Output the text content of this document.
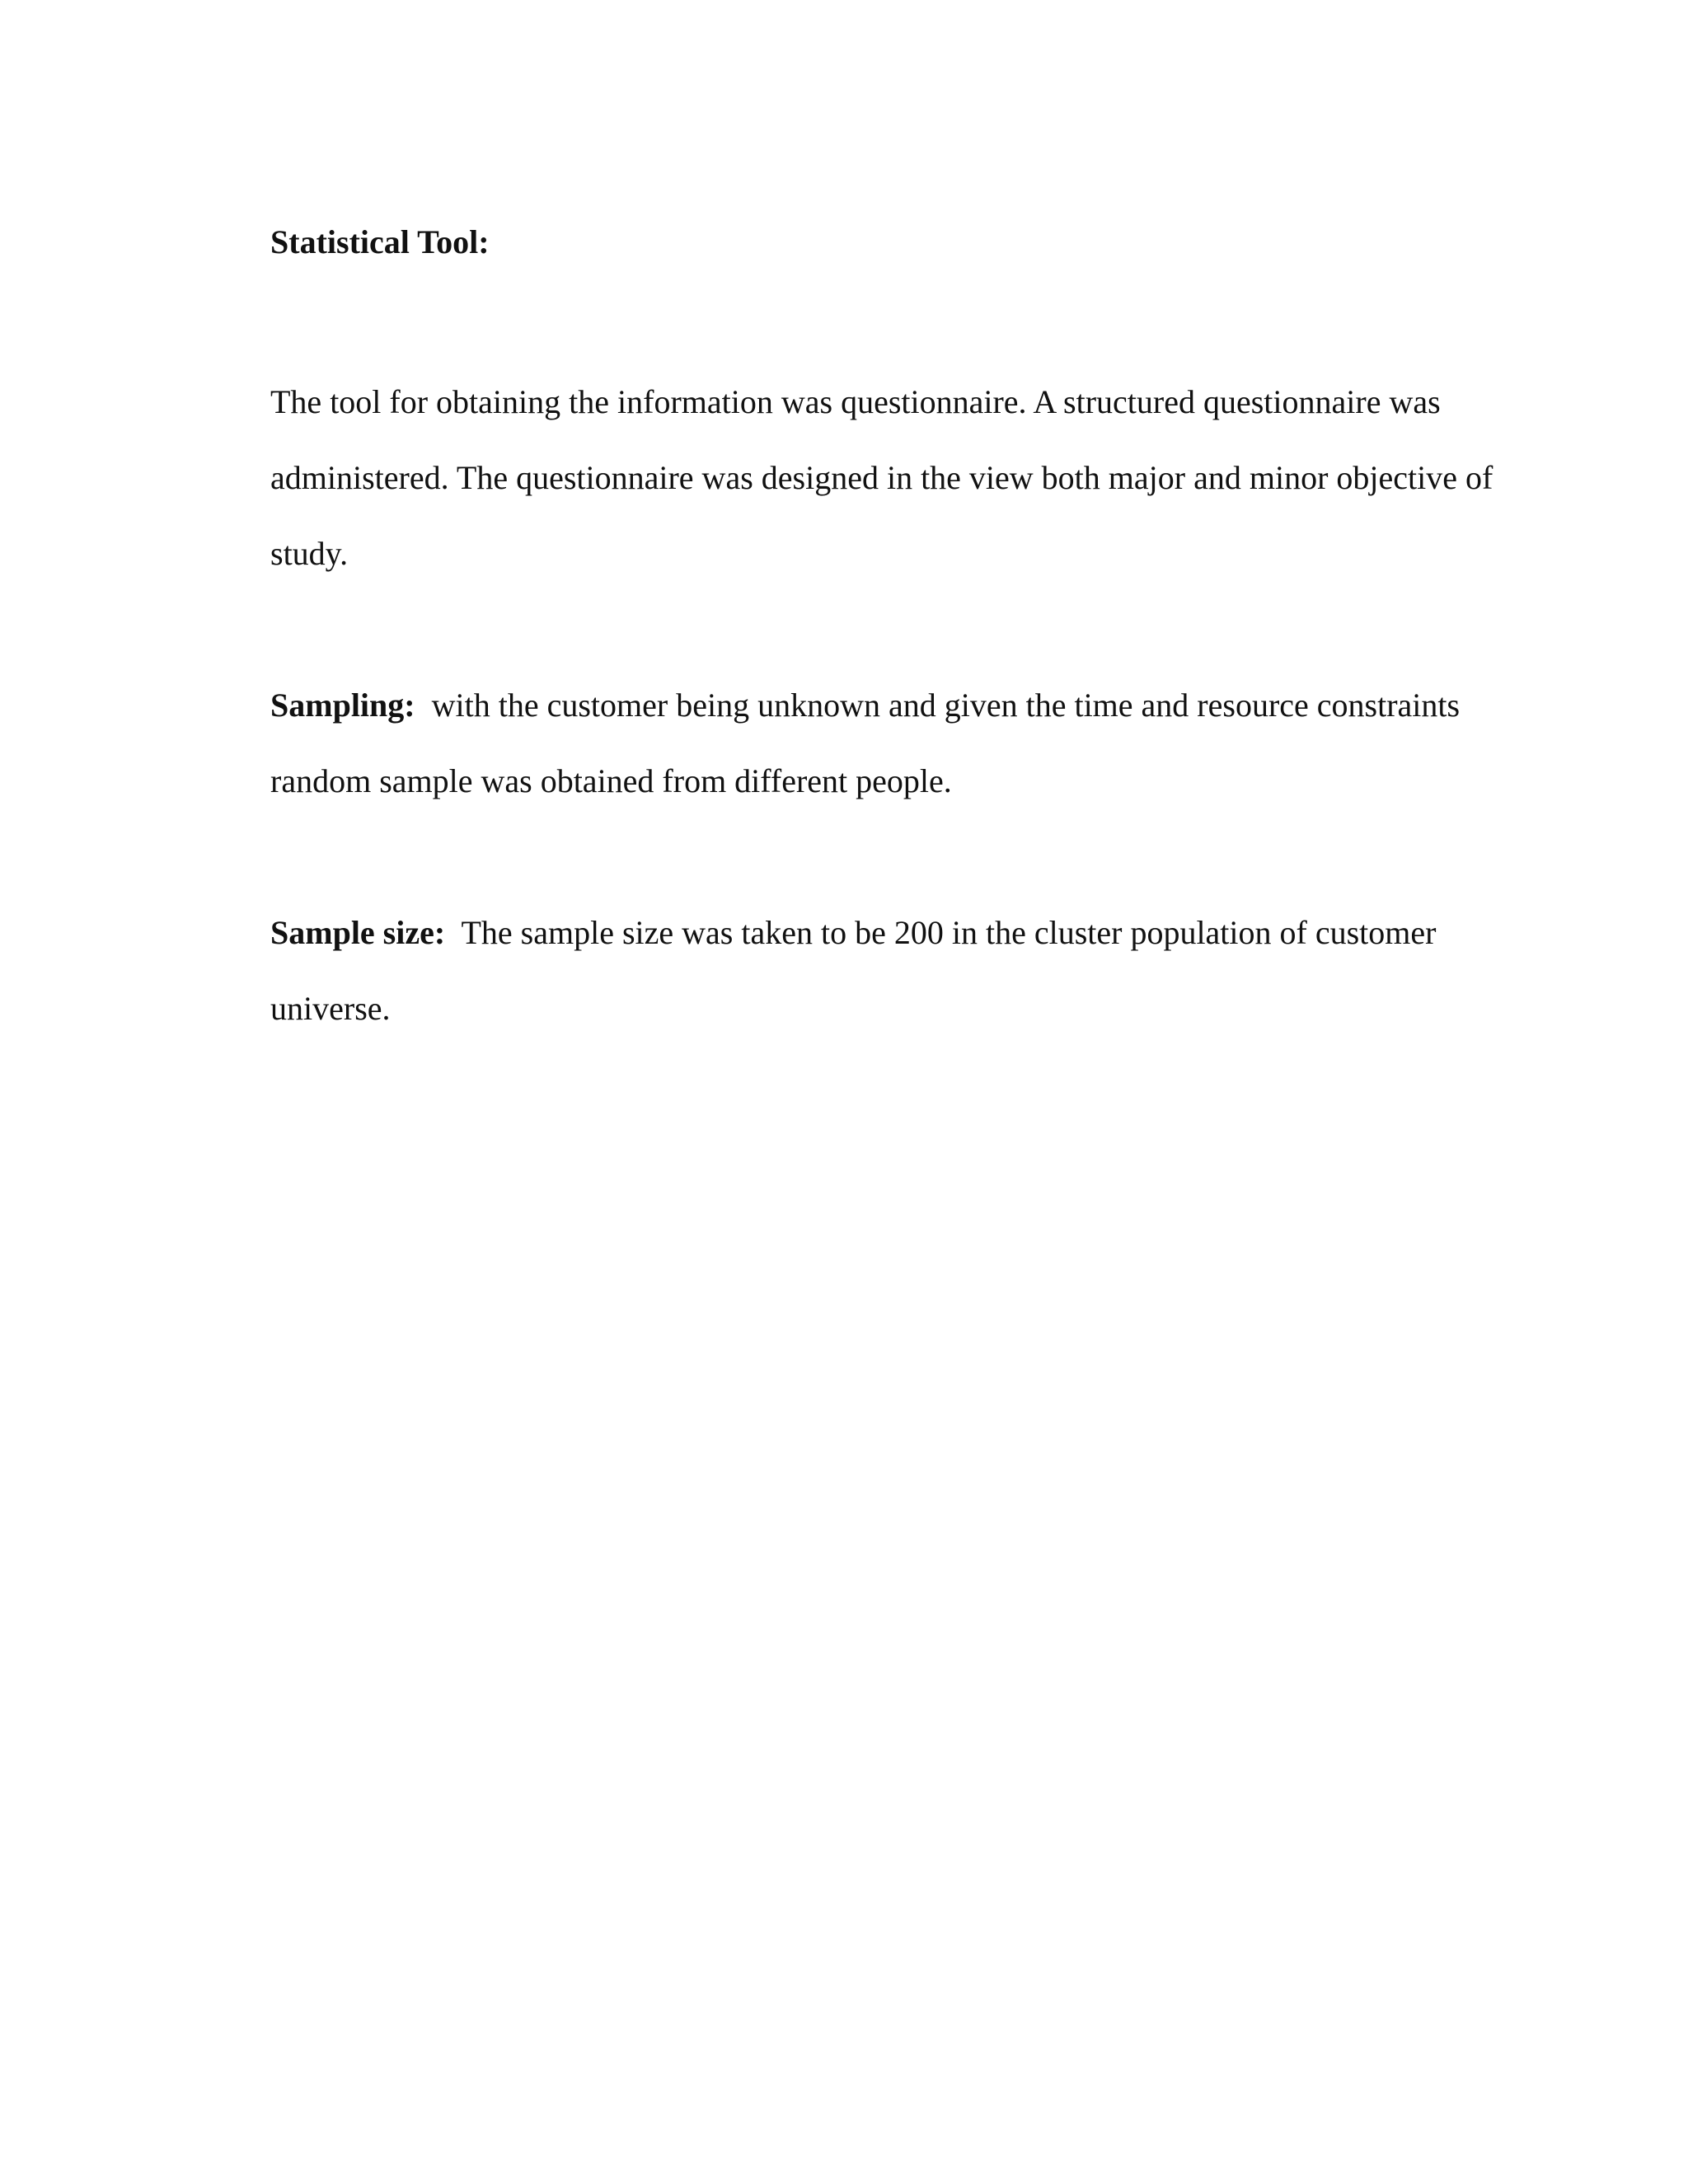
Statistical Tool:

The tool for obtaining the information was questionnaire. A structured questionnaire was administered. The questionnaire was designed in the view both major and minor objective of study.

Sampling: with the customer being unknown and given the time and resource constraints random sample was obtained from different people.

Sample size: The sample size was taken to be 200 in the cluster population of customer universe.
